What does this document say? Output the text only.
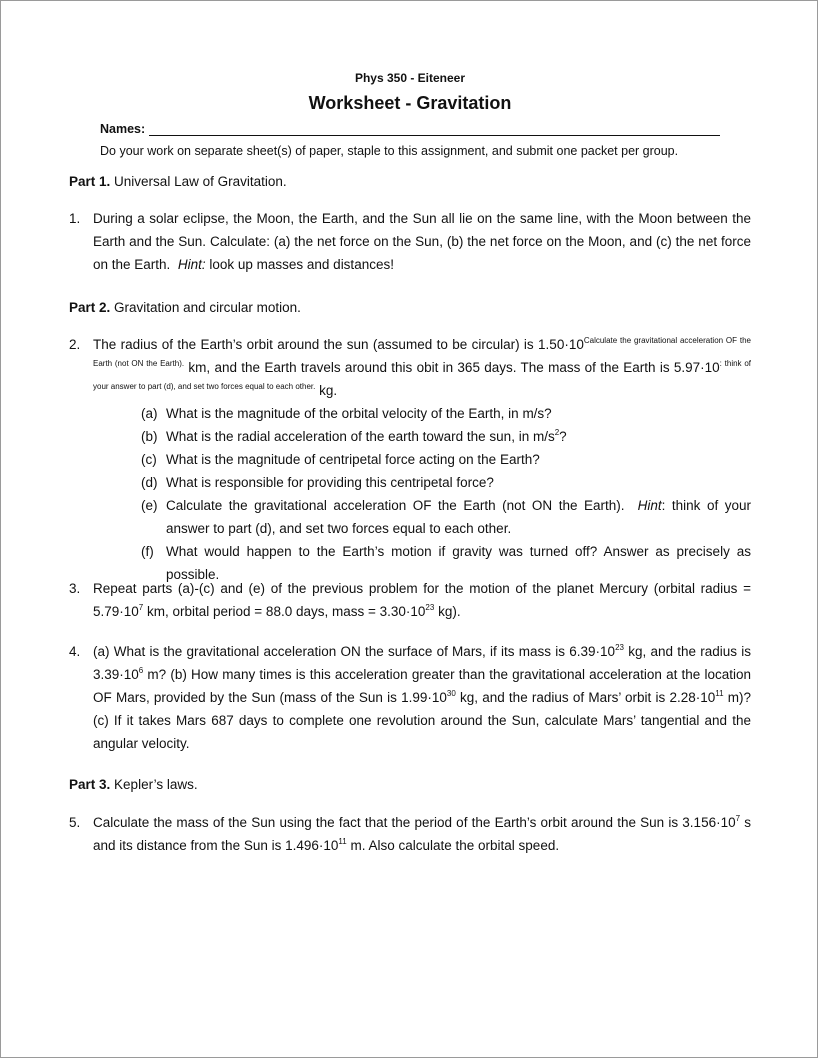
Phys 350 - Eiteneer
Worksheet - Gravitation
Names:
Do your work on separate sheet(s) of paper, staple to this assignment, and submit one packet per group.
Part 1. Universal Law of Gravitation.
1. During a solar eclipse, the Moon, the Earth, and the Sun all lie on the same line, with the Moon between the Earth and the Sun. Calculate: (a) the net force on the Sun, (b) the net force on the Moon, and (c) the net force on the Earth. Hint: look up masses and distances!
Part 2. Gravitation and circular motion.
2. The radius of the Earth’s orbit around the sun (assumed to be circular) is $1.50\cdot 10^{Calculate the gravitational acceleration OF the Earth (not ON the Earth).}$ km, and the Earth travels around this obit in 365 days. The mass of the Earth is $5.97\cdot 10^{: think of your answer to part (d), and set two forces equal to each other.}$ kg.
(a) What is the magnitude of the orbital velocity of the Earth, in m/s?
(b) What is the radial acceleration of the earth toward the sun, in $m/s^2$?
(c) What is the magnitude of centripetal force acting on the Earth?
(d) What is responsible for providing this centripetal force?
(e) Calculate the gravitational acceleration OF the Earth (not ON the Earth). Hint: think of your answer to part (d), and set two forces equal to each other.
(f) What would happen to the Earth’s motion if gravity was turned off? Answer as precisely as possible.
3. Repeat parts (a)-(c) and (e) of the previous problem for the motion of the planet Mercury (orbital radius = $5.79\cdot 10^7$ km, orbital period = 88.0 days, mass = $3.30\cdot 10^{23}$ kg).
4. (a) What is the gravitational acceleration ON the surface of Mars, if its mass is $6.39\cdot 10^{23}$ kg, and the radius is $3.39\cdot 10^6$ m? (b) How many times is this acceleration greater than the gravitational acceleration at the location OF Mars, provided by the Sun (mass of the Sun is $1.99\cdot 10^{30}$ kg, and the radius of Mars’ orbit is $2.28\cdot 10^{11}$ m)? (c) If it takes Mars 687 days to complete one revolution around the Sun, calculate Mars’ tangential and the angular velocity.
Part 3. Kepler’s laws.
5. Calculate the mass of the Sun using the fact that the period of the Earth’s orbit around the Sun is $3.156\cdot 10^7$ s and its distance from the Sun is $1.496\cdot 10^{11}$ m. Also calculate the orbital speed.
